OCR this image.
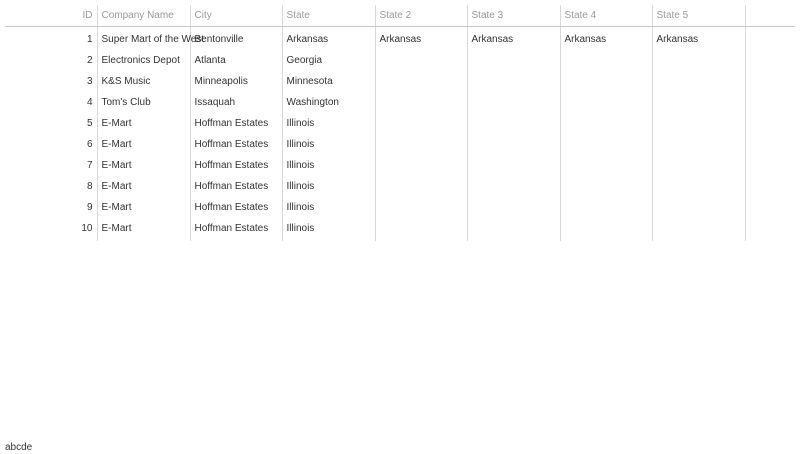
ID	Company Name	City	State	State 2	State 3	State 4	State 5
1	Super Mart of the West	Bentonville	Arkansas	Arkansas	Arkansas	Arkansas	Arkansas
2	Electronics Depot	Atlanta	Georgia				
3	K&S Music	Minneapolis	Minnesota				
4	Tom's Club	Issaquah	Washington				
5	E-Mart	Hoffman Estates	Illinois				
6	E-Mart	Hoffman Estates	Illinois				
7	E-Mart	Hoffman Estates	Illinois				
8	E-Mart	Hoffman Estates	Illinois				
9	E-Mart	Hoffman Estates	Illinois				
10	E-Mart	Hoffman Estates	Illinois				
abcde
